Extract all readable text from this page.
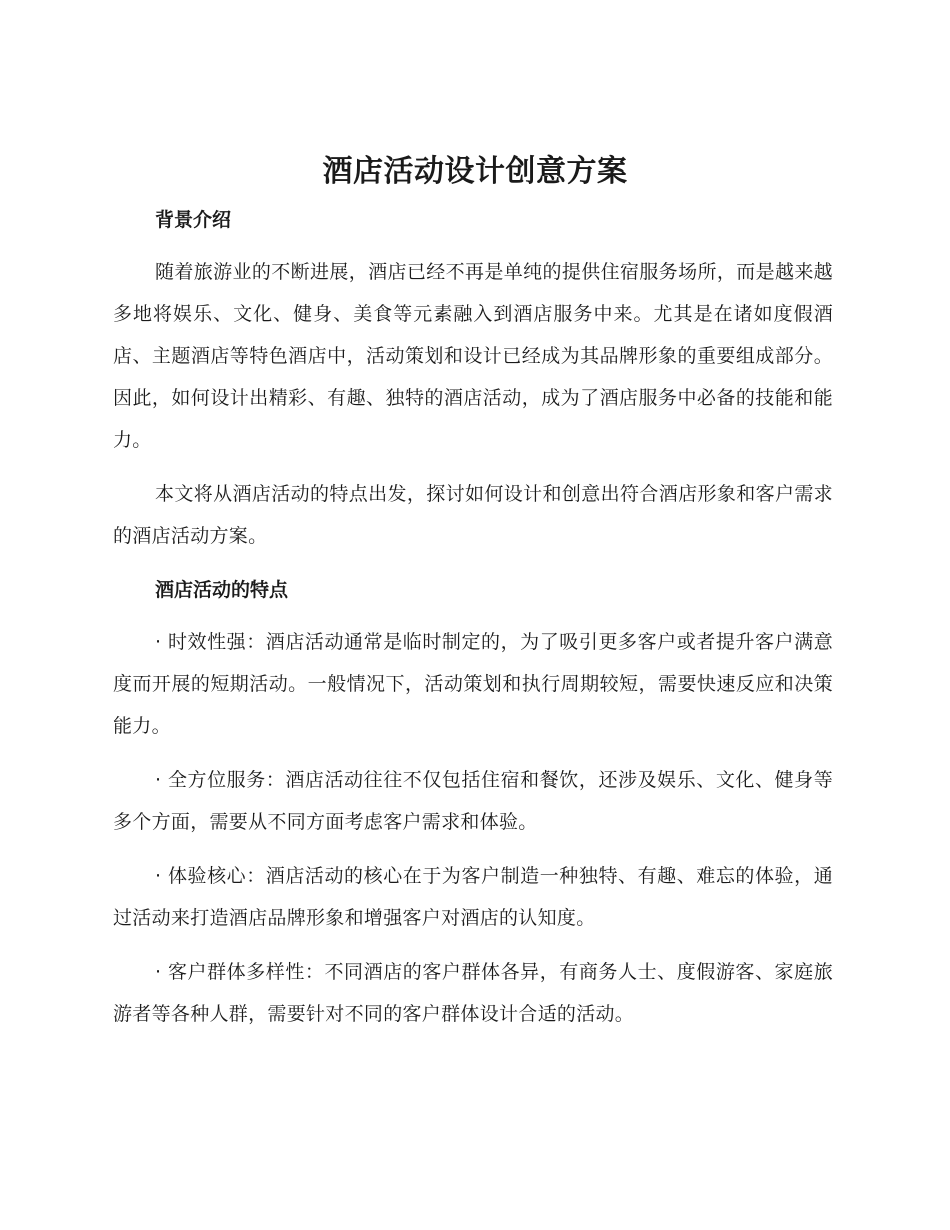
酒店活动设计创意方案
背景介绍

随着旅游业的不断进展，酒店已经不再是单纯的提供住宿服务场所，而是越来越多地将娱乐、文化、健身、美食等元素融入到酒店服务中来。尤其是在诸如度假酒店、主题酒店等特色酒店中，活动策划和设计已经成为其品牌形象的重要组成部分。因此，如何设计出精彩、有趣、独特的酒店活动，成为了酒店服务中必备的技能和能力。

本文将从酒店活动的特点出发，探讨如何设计和创意出符合酒店形象和客户需求的酒店活动方案。

酒店活动的特点

· 时效性强：酒店活动通常是临时制定的，为了吸引更多客户或者提升客户满意度而开展的短期活动。一般情况下，活动策划和执行周期较短，需要快速反应和决策能力。

· 全方位服务：酒店活动往往不仅包括住宿和餐饮，还涉及娱乐、文化、健身等多个方面，需要从不同方面考虑客户需求和体验。

· 体验核心：酒店活动的核心在于为客户制造一种独特、有趣、难忘的体验，通过活动来打造酒店品牌形象和增强客户对酒店的认知度。

· 客户群体多样性：不同酒店的客户群体各异，有商务人士、度假游客、家庭旅游者等各种人群，需要针对不同的客户群体设计合适的活动。
